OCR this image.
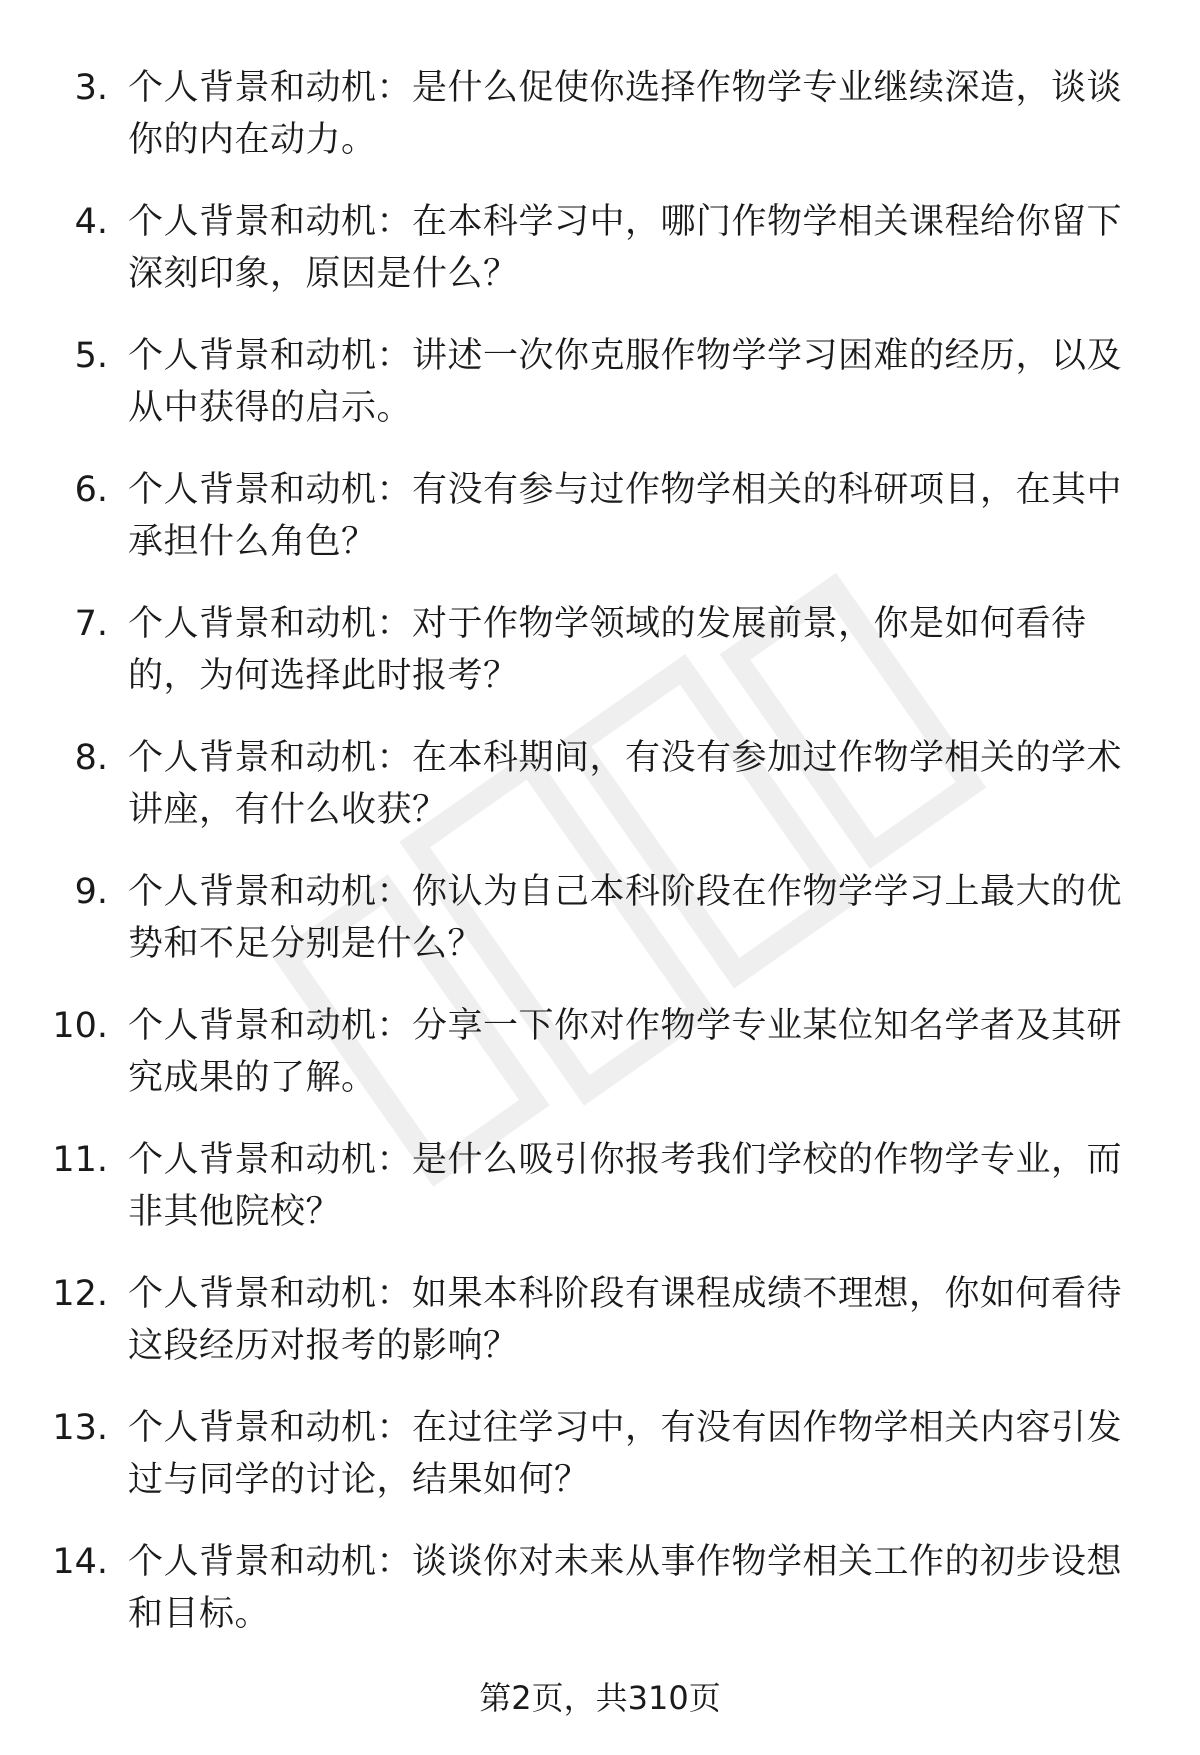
3. 个人背景和动机：是什么促使你选择作物学专业继续深造，谈谈你的内在动力。
4. 个人背景和动机：在本科学习中，哪门作物学相关课程给你留下深刻印象，原因是什么？
5. 个人背景和动机：讲述一次你克服作物学学习困难的经历，以及从中获得的启示。
6. 个人背景和动机：有没有参与过作物学相关的科研项目，在其中承担什么角色？
7. 个人背景和动机：对于作物学领域的发展前景，你是如何看待的，为何选择此时报考？
8. 个人背景和动机：在本科期间，有没有参加过作物学相关的学术讲座，有什么收获？
9. 个人背景和动机：你认为自己本科阶段在作物学学习上最大的优势和不足分别是什么？
10. 个人背景和动机：分享一下你对作物学专业某位知名学者及其研究成果的了解。
11. 个人背景和动机：是什么吸引你报考我们学校的作物学专业，而非其他院校？
12. 个人背景和动机：如果本科阶段有课程成绩不理想，你如何看待这段经历对报考的影响？
13. 个人背景和动机：在过往学习中，有没有因作物学相关内容引发过与同学的讨论，结果如何？
14. 个人背景和动机：谈谈你对未来从事作物学相关工作的初步设想和目标。
第2页，共310页
